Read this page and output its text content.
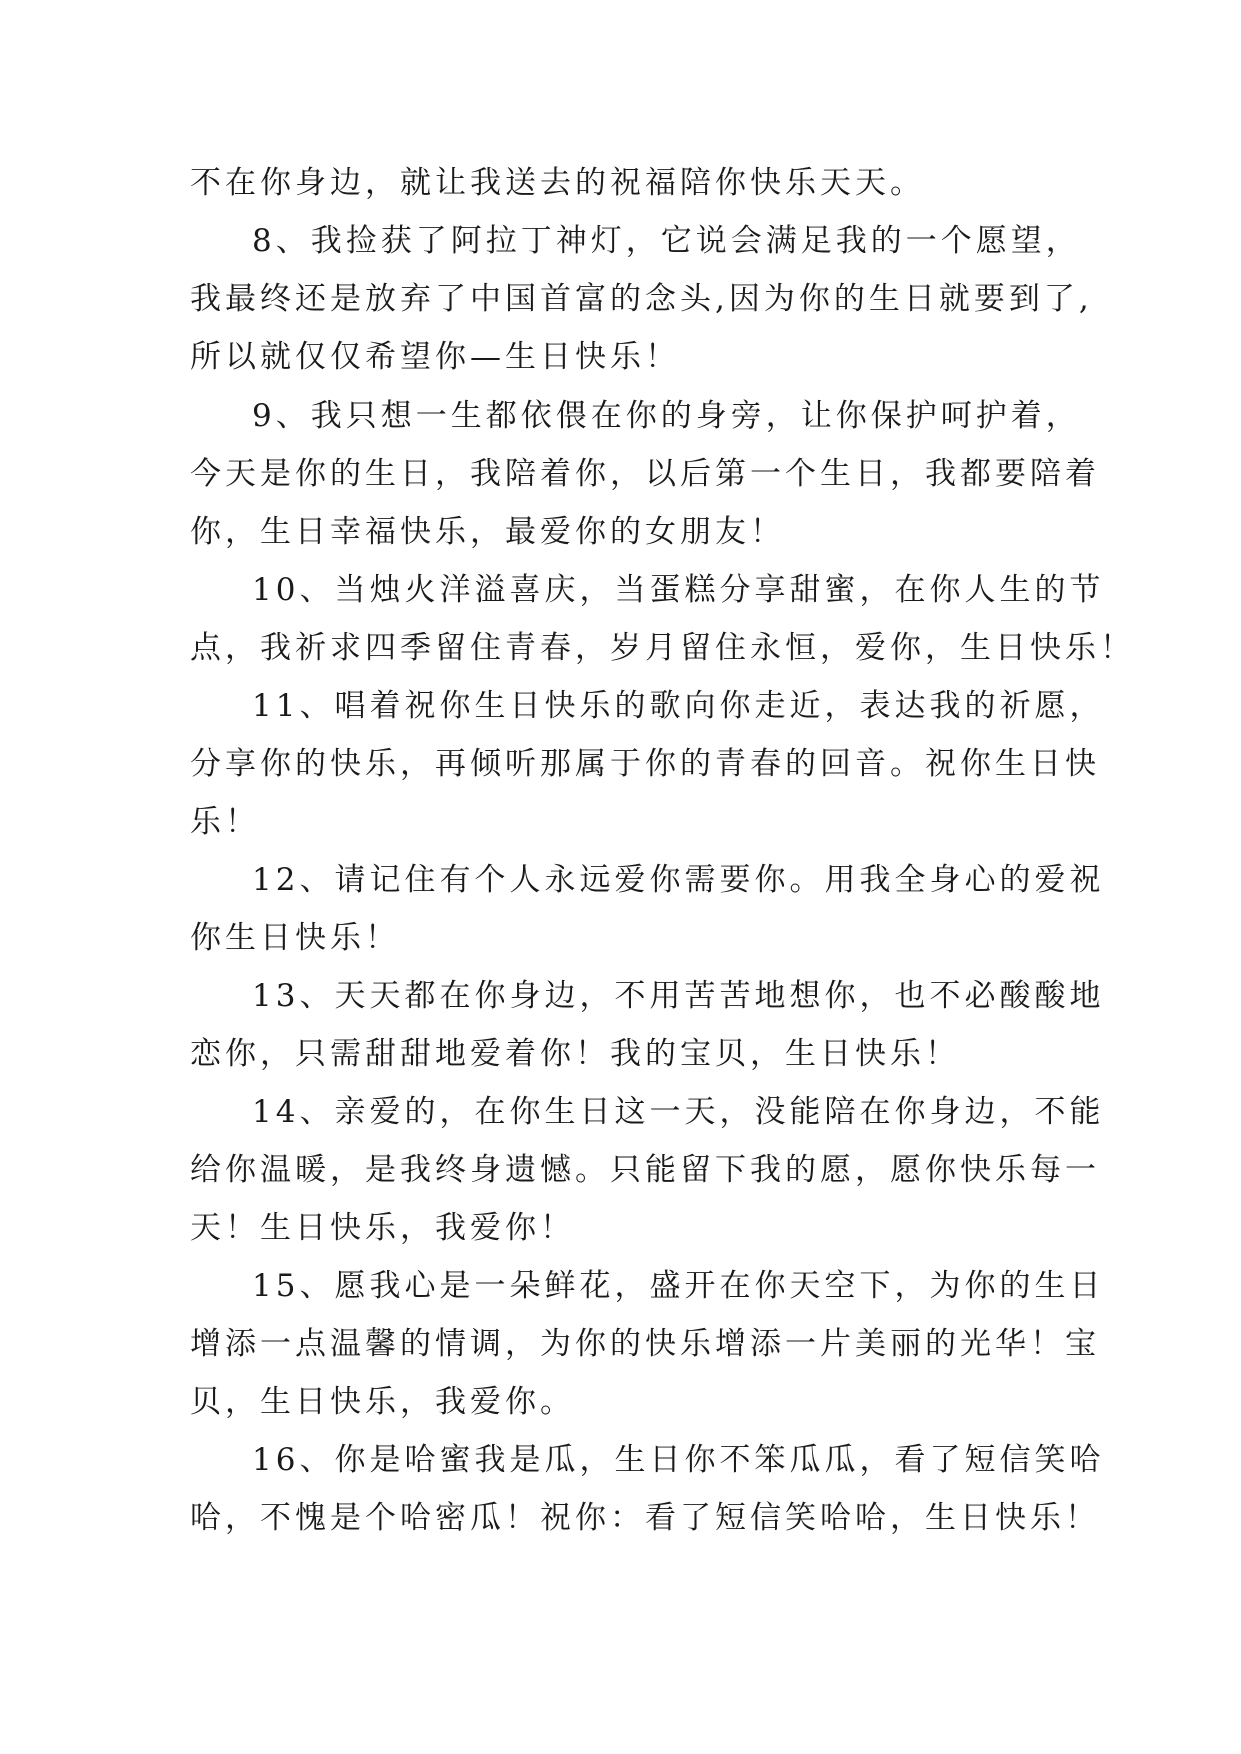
不在你身边，就让我送去的祝福陪你快乐天天。
8、我捡获了阿拉丁神灯，它说会满足我的一个愿望，
我最终还是放弃了中国首富的念头,因为你的生日就要到了,
所以就仅仅希望你—生日快乐！
9、我只想一生都依偎在你的身旁，让你保护呵护着，
今天是你的生日，我陪着你，以后第一个生日，我都要陪着
你，生日幸福快乐，最爱你的女朋友！
10、当烛火洋溢喜庆，当蛋糕分享甜蜜，在你人生的节
点，我祈求四季留住青春，岁月留住永恒，爱你，生日快乐！
11、唱着祝你生日快乐的歌向你走近，表达我的祈愿，
分享你的快乐，再倾听那属于你的青春的回音。祝你生日快
乐！
12、请记住有个人永远爱你需要你。用我全身心的爱祝
你生日快乐！
13、天天都在你身边，不用苦苦地想你，也不必酸酸地
恋你，只需甜甜地爱着你！我的宝贝，生日快乐！
14、亲爱的，在你生日这一天，没能陪在你身边，不能
给你温暖，是我终身遗憾。只能留下我的愿，愿你快乐每一
天！生日快乐，我爱你！
15、愿我心是一朵鲜花，盛开在你天空下，为你的生日
增添一点温馨的情调，为你的快乐增添一片美丽的光华！宝
贝，生日快乐，我爱你。
16、你是哈蜜我是瓜，生日你不笨瓜瓜，看了短信笑哈
哈，不愧是个哈密瓜！祝你：看了短信笑哈哈，生日快乐！
